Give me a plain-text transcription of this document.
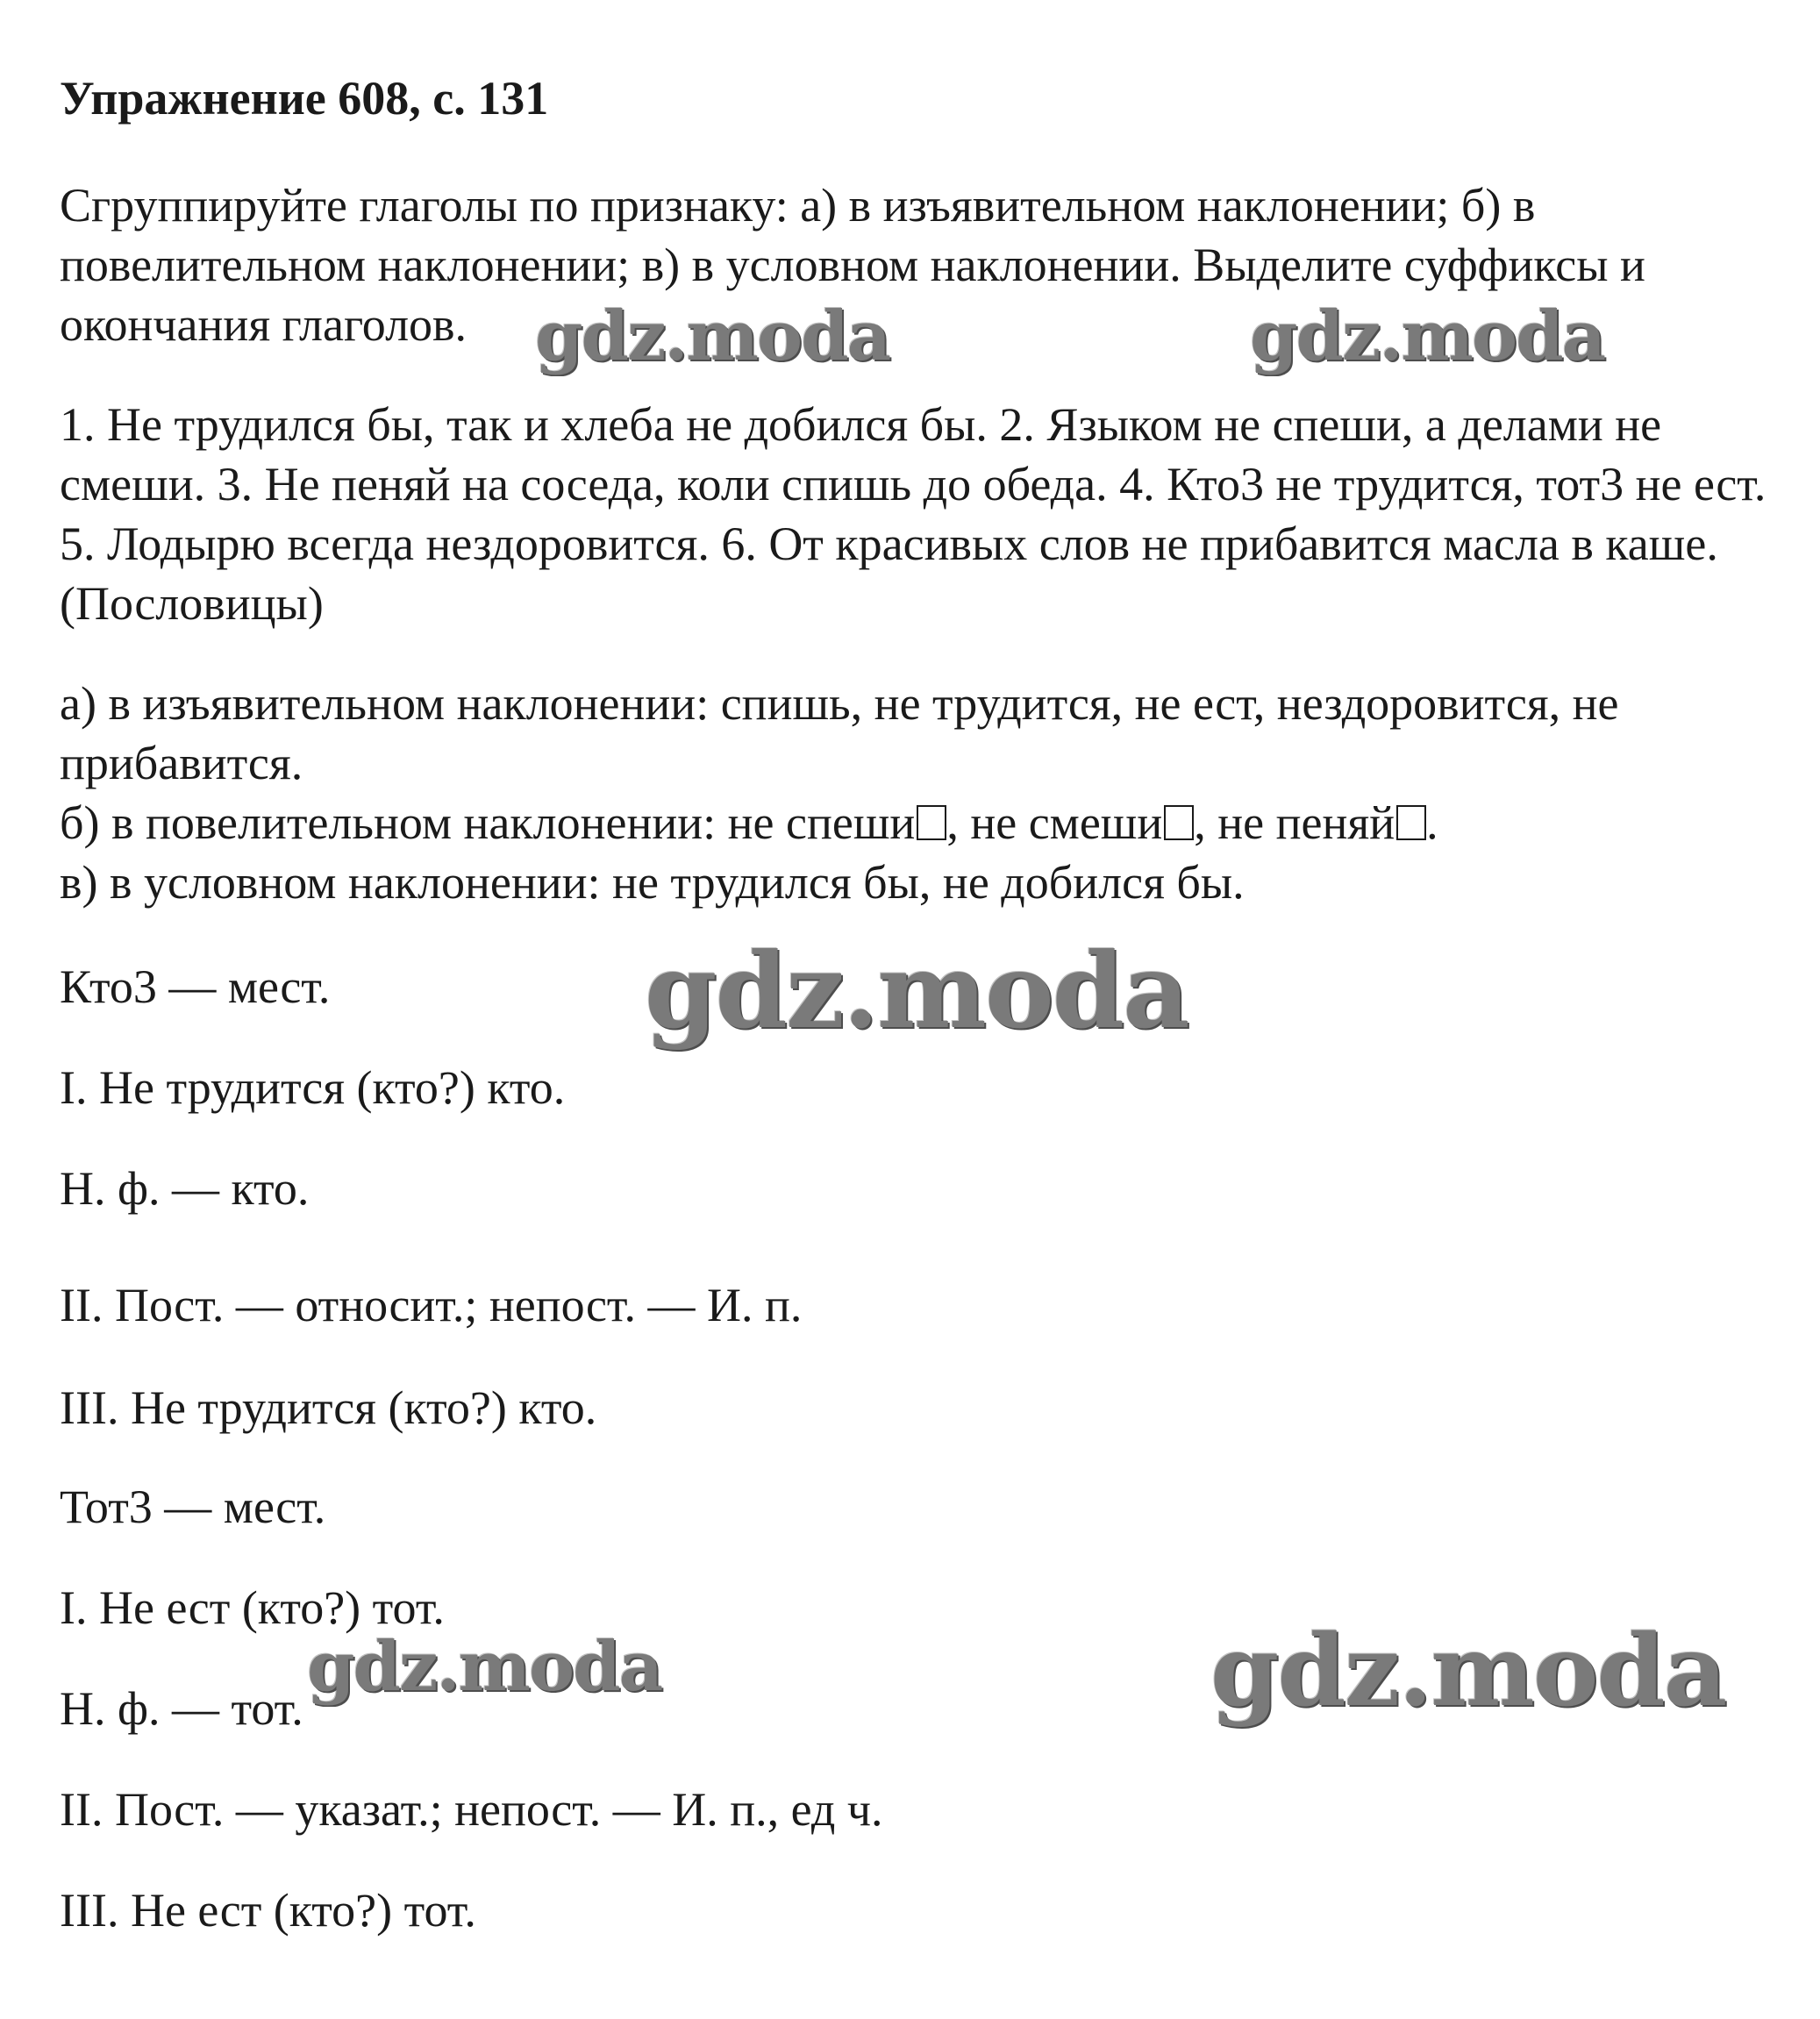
Упражнение 608, с. 131
Сгруппируйте глаголы по признаку: а) в изъявительном наклонении; б) в повелительном наклонении; в) в условном наклонении. Выделите суффиксы и окончания глаголов.
1. Не трудился бы, так и хлеба не добился бы. 2. Языком не спеши, а делами не смеши. 3. Не пеняй на соседа, коли спишь до обеда. 4. Кто3 не трудится, тот3 не ест. 5. Лодырю всегда нездоровится. 6. От красивых слов не прибавится масла в каше. (Пословицы)
а) в изъявительном наклонении: спишь, не трудится, не ест, нездоровится, не
прибавится.
б) в повелительном наклонении: не спеши , не смеши , не пеняй .
в) в условном наклонении: не трудился бы, не добился бы.
Кто3 — мест.
I. Не трудится (кто?) кто.
Н. ф. — кто.
II. Пост. — относит.; непост. — И. п.
III. Не трудится (кто?) кто.
Тот3 — мест.
I. Не ест (кто?) тот.
Н. ф. — тот.
II. Пост. — указат.; непост. — И. п., ед ч.
III. Не ест (кто?) тот.
gdz.moda	gdz.moda
gdz.moda
gdz.moda	gdz.moda
